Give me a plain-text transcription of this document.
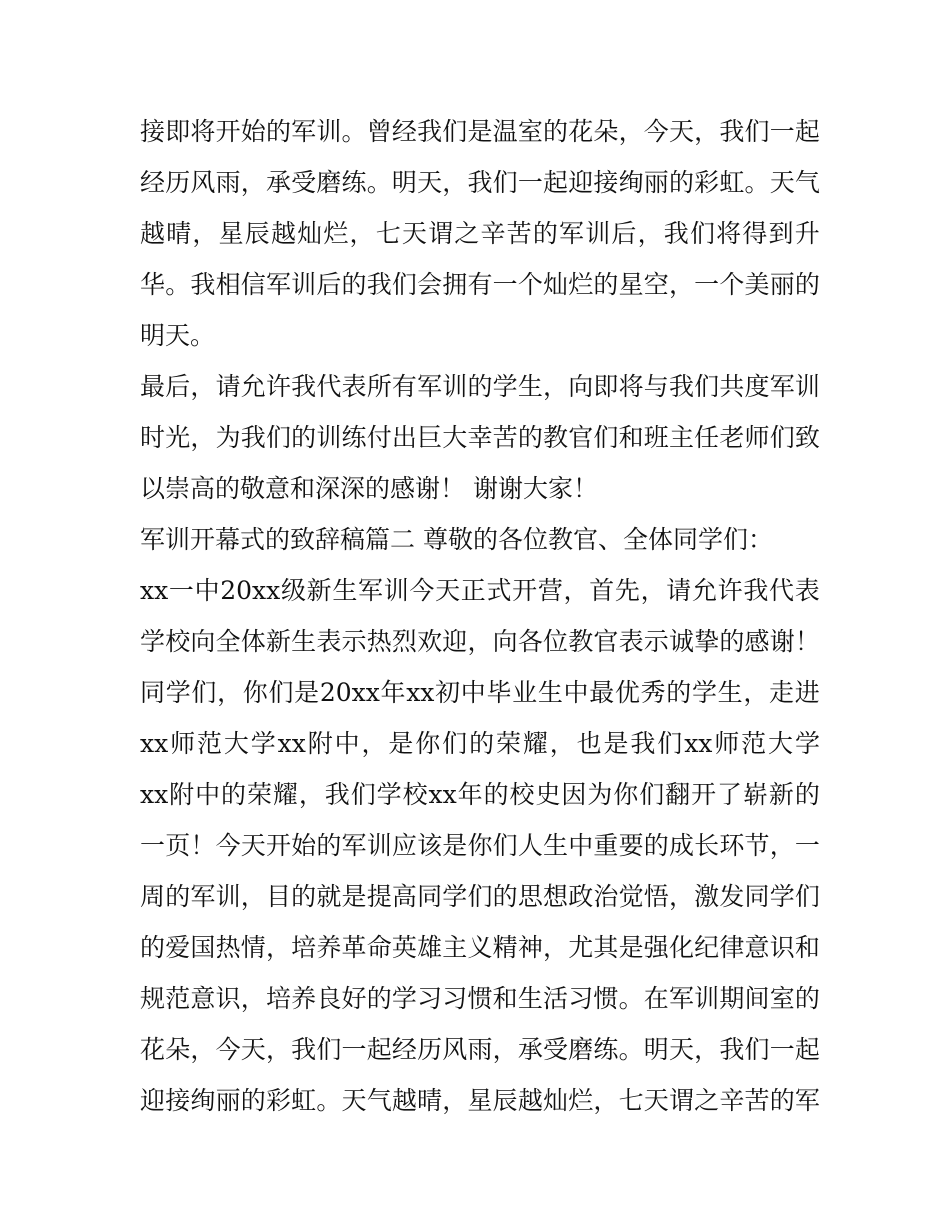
接 即 将 开 始 的 军 训 。 曾 经 我 们 是 温 室 的 花 朵 ， 今 天 ， 我 们 一 起
经 历 风 雨 ， 承 受 磨 练 。 明 天 ， 我 们 一 起 迎 接 绚 丽 的 彩 虹 。 天 气
越 晴 ， 星 辰 越 灿 烂 ， 七 天 谓 之 辛 苦 的 军 训 后 ， 我 们 将 得 到 升
华 。 我 相 信 军 训 后 的 我 们 会 拥 有 一 个 灿 烂 的 星 空 ， 一 个 美 丽 的
明天。
最 后 ， 请 允 许 我 代 表 所 有 军 训 的 学 生 ， 向 即 将 与 我 们 共 度 军 训
时 光 ， 为 我 们 的 训 练 付 出 巨 大 幸 苦 的 教 官 们 和 班 主 任 老 师 们 致
以崇高的敬意和深深的感谢！ 谢谢大家！
军训开幕式的致辞稿篇二 尊敬的各位教官、全体同学们：
xx 一 中 20xx 级 新 生 军 训 今 天 正 式 开 营 ， 首 先 ， 请 允 许 我 代 表
学 校 向 全 体 新 生 表 示 热 烈 欢 迎 ， 向 各 位 教 官 表 示 诚 挚 的 感 谢 ！
同 学 们 ， 你 们 是 20xx 年 xx 初 中 毕 业 生 中 最 优 秀 的 学 生 ， 走 进
xx 师 范 大 学 xx 附 中 ， 是 你 们 的 荣 耀 ， 也 是 我 们 xx 师 范 大 学
xx 附 中 的 荣 耀 ， 我 们 学 校 xx 年 的 校 史 因 为 你 们 翻 开 了 崭 新 的
一 页 ！ 今 天 开 始 的 军 训 应 该 是 你 们 人 生 中 重 要 的 成 长 环 节 ， 一
周 的 军 训 ， 目 的 就 是 提 高 同 学 们 的 思 想 政 治 觉 悟 ， 激 发 同 学 们
的 爱 国 热 情 ， 培 养 革 命 英 雄 主 义 精 神 ， 尤 其 是 强 化 纪 律 意 识 和
规 范 意 识 ， 培 养 良 好 的 学 习 习 惯 和 生 活 习 惯 。 在 军 训 期 间 室 的
花 朵 ， 今 天 ， 我 们 一 起 经 历 风 雨 ， 承 受 磨 练 。 明 天 ， 我 们 一 起
迎 接 绚 丽 的 彩 虹 。 天 气 越 晴 ， 星 辰 越 灿 烂 ， 七 天 谓 之 辛 苦 的 军
